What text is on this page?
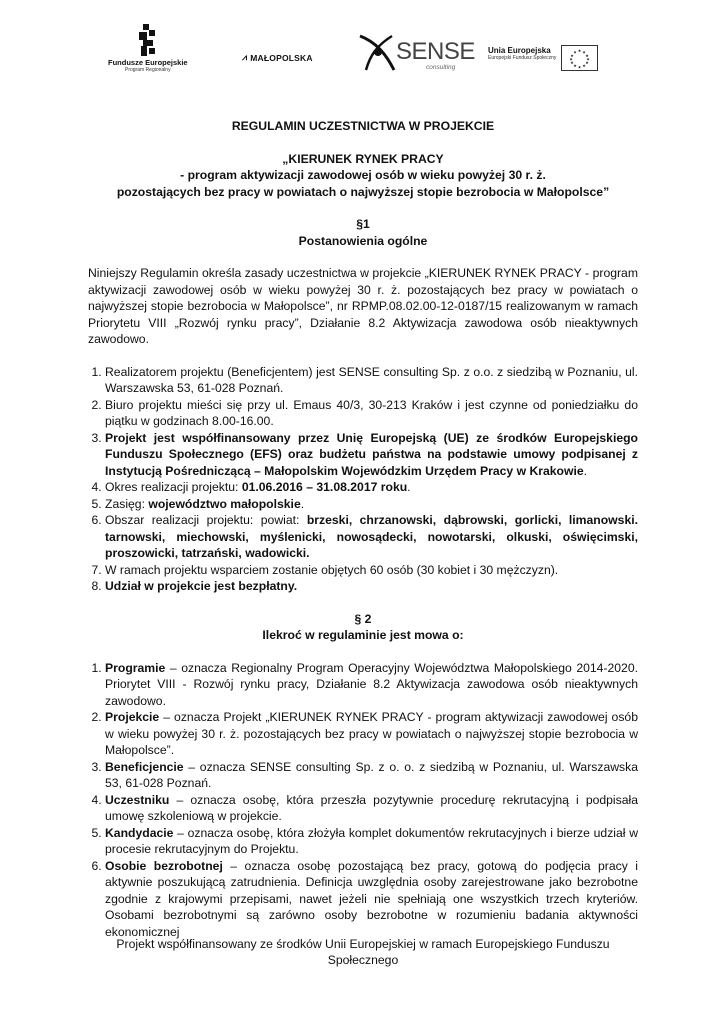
Fundusze Europejskie
Program Regionalny
⩘ MAŁOPOLSKA	SENSE
consulting
Unia Europejska
Europejski Fundusz Społeczny
★ ★
★
★
★
★
★
★
★
★
★
★
REGULAMIN UCZESTNICTWA W PROJEKCIE
„KIERUNEK RYNEK PRACY
- program aktywizacji zawodowej osób w wieku powyżej 30 r. ż.
pozostających bez pracy w powiatach o najwyższej stopie bezrobocia w Małopolsce”
§1
Postanowienia ogólne
Niniejszy Regulamin określa zasady uczestnictwa w projekcie „KIERUNEK RYNEK PRACY - program aktywizacji zawodowej osób w wieku powyżej 30 r. ż. pozostających bez pracy w powiatach o najwyższej stopie bezrobocia w Małopolsce”, nr RPMP.08.02.00-12-0187/15 realizowanym w ramach Priorytetu VIII „Rozwój rynku pracy”, Działanie 8.2 Aktywizacja zawodowa osób nieaktywnych zawodowo.
1. Realizatorem projektu (Beneficjentem) jest SENSE consulting Sp. z o.o. z siedzibą w Poznaniu, ul. Warszawska 53, 61-028 Poznań.
2. Biuro projektu mieści się przy ul. Emaus 40/3, 30-213 Kraków i jest czynne od poniedziałku do piątku w godzinach 8.00-16.00.
3. Projekt jest współfinansowany przez Unię Europejską (UE) ze środków Europejskiego Funduszu Społecznego (EFS) oraz budżetu państwa na podstawie umowy podpisanej z Instytucją Pośredniczącą – Małopolskim Wojewódzkim Urzędem Pracy w Krakowie.
4. Okres realizacji projektu: 01.06.2016 – 31.08.2017 roku.
5. Zasięg: województwo małopolskie.
6. Obszar realizacji projektu: powiat: brzeski, chrzanowski, dąbrowski, gorlicki, limanowski. tarnowski, miechowski, myślenicki, nowosądecki, nowotarski, olkuski, oświęcimski, proszowicki, tatrzański, wadowicki.
7. W ramach projektu wsparciem zostanie objętych 60 osób (30 kobiet i 30 mężczyzn).
8. Udział w projekcie jest bezpłatny.
§ 2
Ilekroć w regulaminie jest mowa o:
1. Programie – oznacza Regionalny Program Operacyjny Województwa Małopolskiego 2014-2020. Priorytet VIII - Rozwój rynku pracy, Działanie 8.2 Aktywizacja zawodowa osób nieaktywnych zawodowo.
2. Projekcie – oznacza Projekt „KIERUNEK RYNEK PRACY - program aktywizacji zawodowej osób w wieku powyżej 30 r. ż. pozostających bez pracy w powiatach o najwyższej stopie bezrobocia w Małopolsce”.
3. Beneficjencie – oznacza SENSE consulting Sp. z o. o. z siedzibą w Poznaniu, ul. Warszawska 53, 61-028 Poznań.
4. Uczestniku – oznacza osobę, która przeszła pozytywnie procedurę rekrutacyjną i podpisała umowę szkoleniową w projekcie.
5. Kandydacie – oznacza osobę, która złożyła komplet dokumentów rekrutacyjnych i bierze udział w procesie rekrutacyjnym do Projektu.
6. Osobie bezrobotnej – oznacza osobę pozostającą bez pracy, gotową do podjęcia pracy i aktywnie poszukującą zatrudnienia. Definicja uwzględnia osoby zarejestrowane jako bezrobotne zgodnie z krajowymi przepisami, nawet jeżeli nie spełniają one wszystkich trzech kryteriów. Osobami bezrobotnymi są zarówno osoby bezrobotne w rozumieniu badania aktywności ekonomicznej
Projekt współfinansowany ze środków Unii Europejskiej w ramach Europejskiego Funduszu Społecznego
